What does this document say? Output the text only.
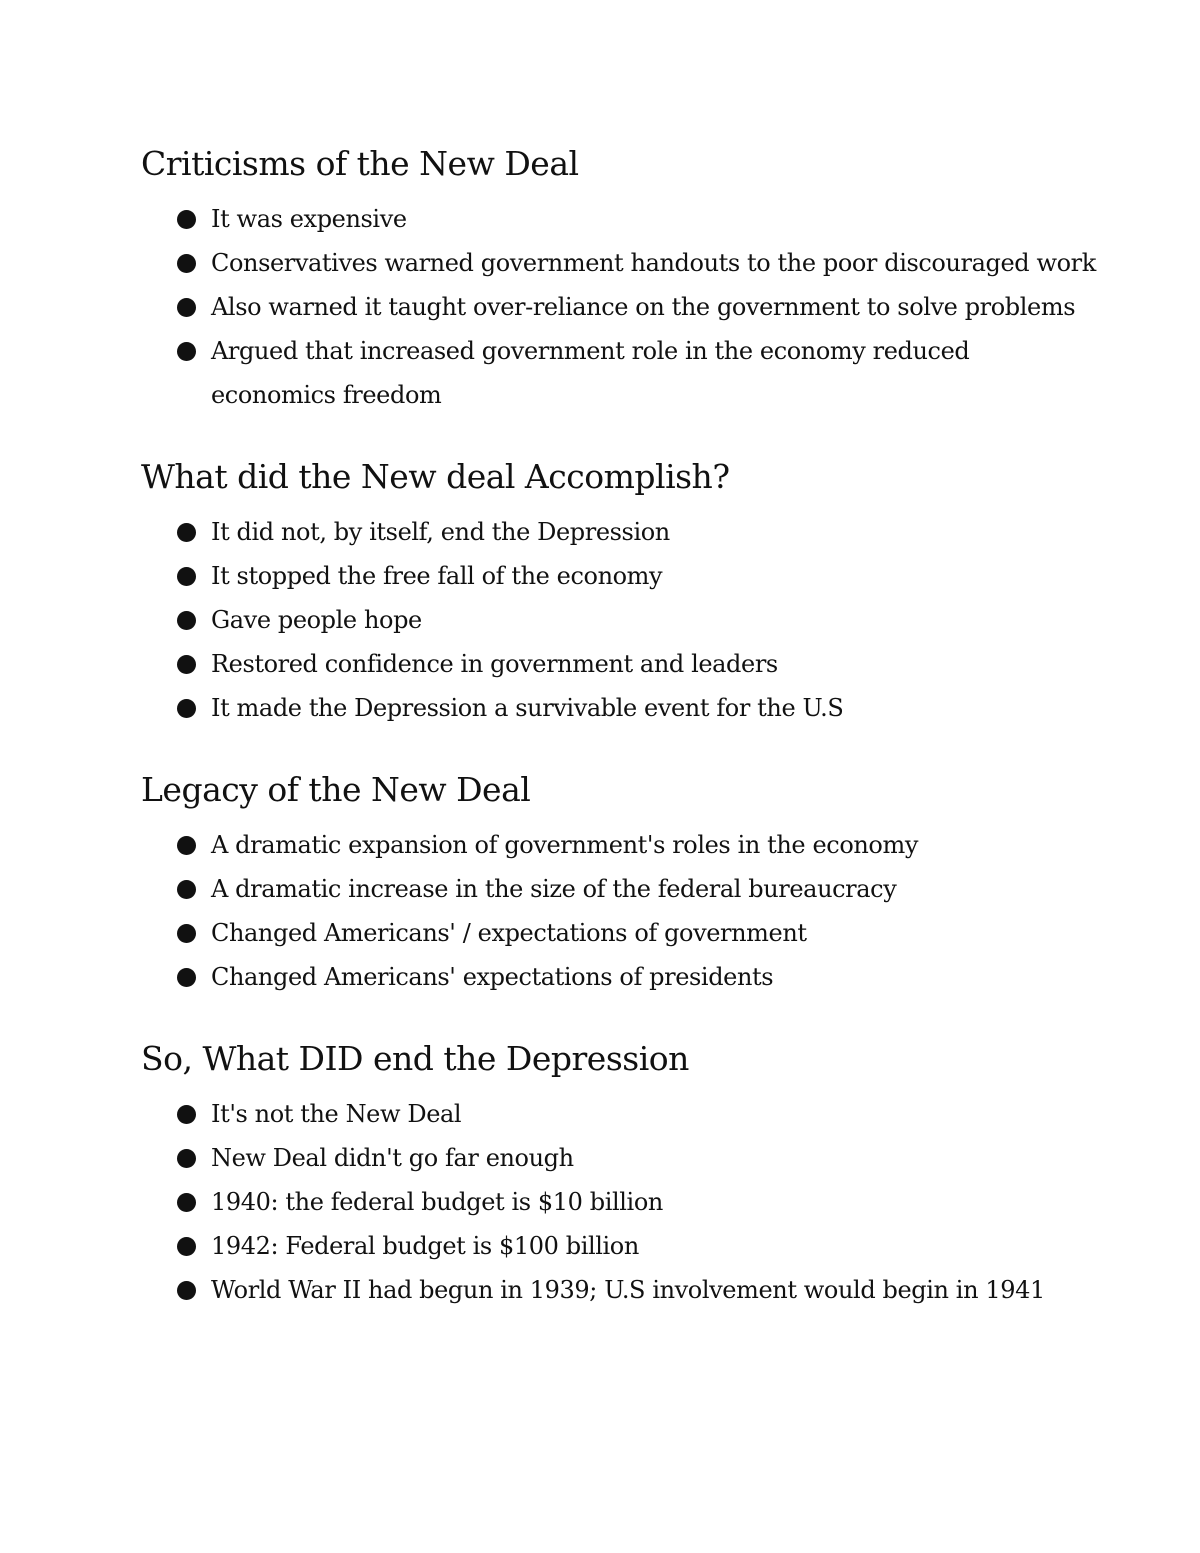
Criticisms of the New Deal
It was expensive
Conservatives warned government handouts to the poor discouraged work
Also warned it taught over-reliance on the government to solve problems
Argued that increased government role in the economy reduced economics freedom
What did the New deal Accomplish?
It did not, by itself, end the Depression
It stopped the free fall of the economy
Gave people hope
Restored confidence in government and leaders
It made the Depression a survivable event for the U.S
Legacy of the New Deal
A dramatic expansion of government's roles in the economy
A dramatic increase in the size of the federal bureaucracy
Changed Americans' / expectations of government
Changed Americans' expectations of presidents
So, What DID end the Depression
It's not the New Deal
New Deal didn't go far enough
1940: the federal budget is $10 billion
1942: Federal budget is $100 billion
World War II had begun in 1939; U.S involvement would begin in 1941
